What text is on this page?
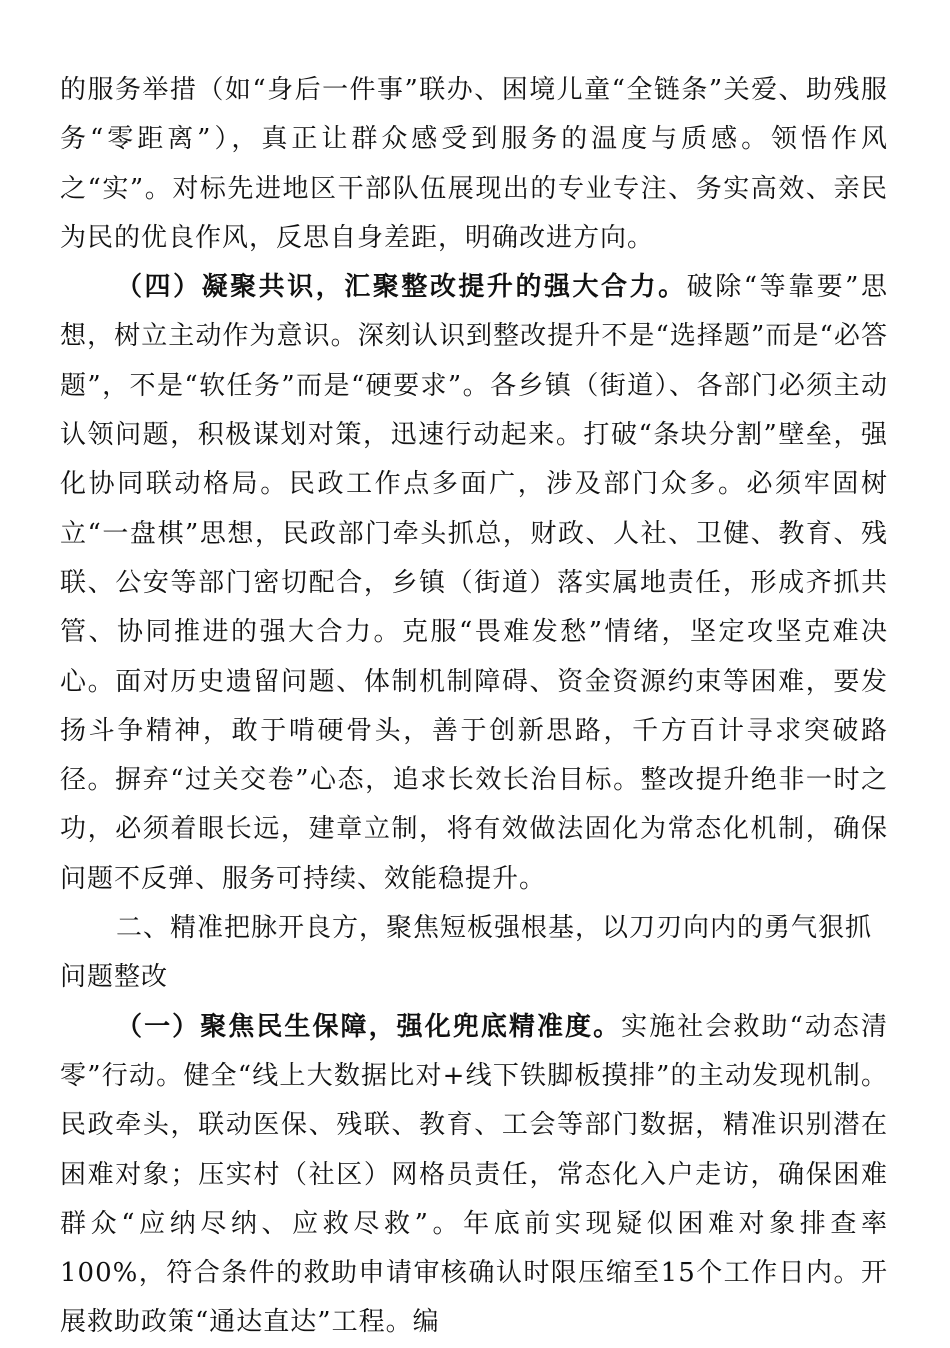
的服务举措（如“身后一件事”联办、困境儿童“全链条”关爱、助残服务“零距离”），真正让群众感受到服务的温度与质感。领悟作风之“实”。对标先进地区干部队伍展现出的专业专注、务实高效、亲民为民的优良作风，反思自身差距，明确改进方向。

（四）凝聚共识，汇聚整改提升的强大合力。破除“等靠要”思想，树立主动作为意识。深刻认识到整改提升不是“选择题”而是“必答题”，不是“软任务”而是“硬要求”。各乡镇（街道）、各部门必须主动认领问题，积极谋划对策，迅速行动起来。打破“条块分割”壁垒，强化协同联动格局。民政工作点多面广，涉及部门众多。必须牢固树立“一盘棋”思想，民政部门牵头抓总，财政、人社、卫健、教育、残联、公安等部门密切配合，乡镇（街道）落实属地责任，形成齐抓共管、协同推进的强大合力。克服“畏难发愁”情绪，坚定攻坚克难决心。面对历史遗留问题、体制机制障碍、资金资源约束等困难，要发扬斗争精神，敢于啃硬骨头，善于创新思路，千方百计寻求突破路径。摒弃“过关交卷”心态，追求长效长治目标。整改提升绝非一时之功，必须着眼长远，建章立制，将有效做法固化为常态化机制，确保问题不反弹、服务可持续、效能稳提升。

二、精准把脉开良方，聚焦短板强根基，以刀刃向内的勇气狠抓问题整改

（一）聚焦民生保障，强化兜底精准度。实施社会救助“动态清零”行动。健全“线上大数据比对+线下铁脚板摸排”的主动发现机制。民政牵头，联动医保、残联、教育、工会等部门数据，精准识别潜在困难对象；压实村（社区）网格员责任，常态化入户走访，确保困难群众“应纳尽纳、应救尽救”。年底前实现疑似困难对象排查率100%，符合条件的救助申请审核确认时限压缩至15个工作日内。开展救助政策“通达直达”工程。编
